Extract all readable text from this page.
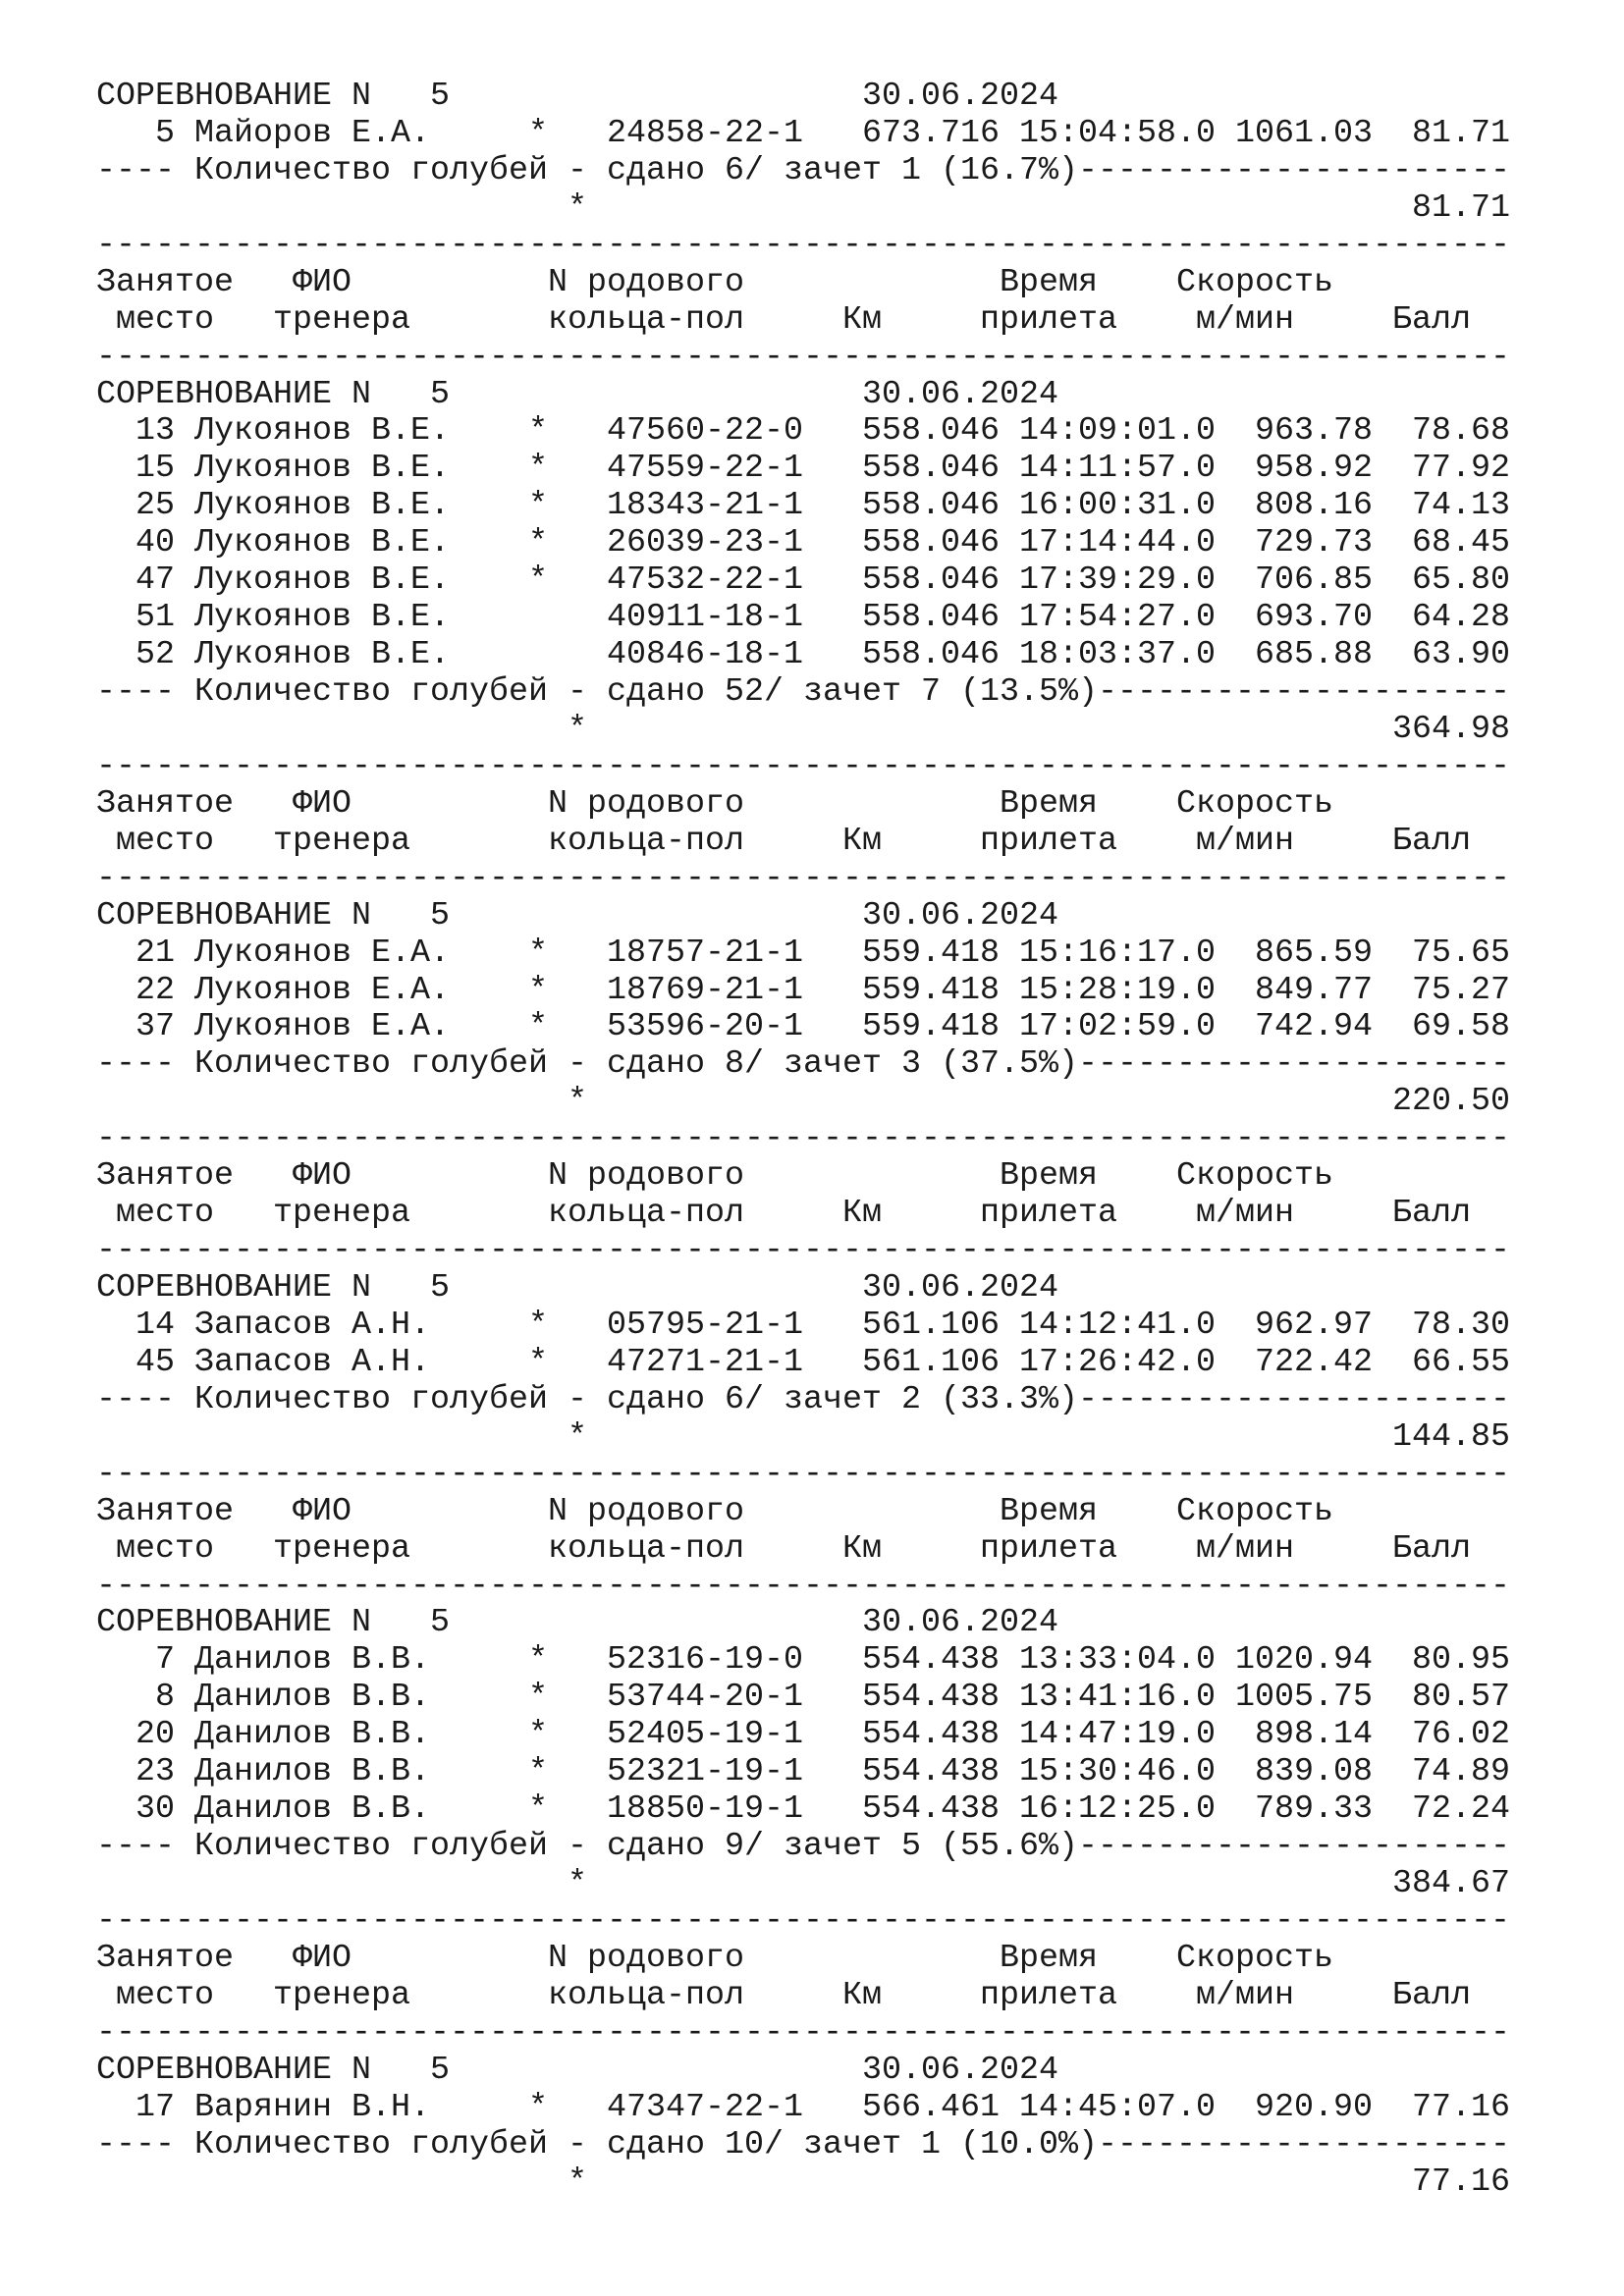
СОРЕВНОВАНИЕ N   5                     30.06.2024
5 Майоров Е.А.     *   24858-22-1   673.716 15:04:58.0 1061.03  81.71
---- Количество голубей - сдано 6/ зачет 1 (16.7%)----------------------
*                                          81.71
------------------------------------------------------------------------
Занятое   ФИО          N родового             Время    Скорость
место   тренера       кольца-пол     Км     прилета    м/мин     Балл
------------------------------------------------------------------------
СОРЕВНОВАНИЕ N   5                     30.06.2024
13 Лукоянов В.Е.    *   47560-22-0   558.046 14:09:01.0  963.78  78.68
15 Лукоянов В.Е.    *   47559-22-1   558.046 14:11:57.0  958.92  77.92
25 Лукоянов В.Е.    *   18343-21-1   558.046 16:00:31.0  808.16  74.13
40 Лукоянов В.Е.    *   26039-23-1   558.046 17:14:44.0  729.73  68.45
47 Лукоянов В.Е.    *   47532-22-1   558.046 17:39:29.0  706.85  65.80
51 Лукоянов В.Е.        40911-18-1   558.046 17:54:27.0  693.70  64.28
52 Лукоянов В.Е.        40846-18-1   558.046 18:03:37.0  685.88  63.90
---- Количество голубей - сдано 52/ зачет 7 (13.5%)---------------------
*                                         364.98
------------------------------------------------------------------------
Занятое   ФИО          N родового             Время    Скорость
место   тренера       кольца-пол     Км     прилета    м/мин     Балл
------------------------------------------------------------------------
СОРЕВНОВАНИЕ N   5                     30.06.2024
21 Лукоянов Е.А.    *   18757-21-1   559.418 15:16:17.0  865.59  75.65
22 Лукоянов Е.А.    *   18769-21-1   559.418 15:28:19.0  849.77  75.27
37 Лукоянов Е.А.    *   53596-20-1   559.418 17:02:59.0  742.94  69.58
---- Количество голубей - сдано 8/ зачет 3 (37.5%)----------------------
*                                         220.50
------------------------------------------------------------------------
Занятое   ФИО          N родового             Время    Скорость
место   тренера       кольца-пол     Км     прилета    м/мин     Балл
------------------------------------------------------------------------
СОРЕВНОВАНИЕ N   5                     30.06.2024
14 Запасов А.Н.     *   05795-21-1   561.106 14:12:41.0  962.97  78.30
45 Запасов А.Н.     *   47271-21-1   561.106 17:26:42.0  722.42  66.55
---- Количество голубей - сдано 6/ зачет 2 (33.3%)----------------------
*                                         144.85
------------------------------------------------------------------------
Занятое   ФИО          N родового             Время    Скорость
место   тренера       кольца-пол     Км     прилета    м/мин     Балл
------------------------------------------------------------------------
СОРЕВНОВАНИЕ N   5                     30.06.2024
7 Данилов В.В.     *   52316-19-0   554.438 13:33:04.0 1020.94  80.95
8 Данилов В.В.     *   53744-20-1   554.438 13:41:16.0 1005.75  80.57
20 Данилов В.В.     *   52405-19-1   554.438 14:47:19.0  898.14  76.02
23 Данилов В.В.     *   52321-19-1   554.438 15:30:46.0  839.08  74.89
30 Данилов В.В.     *   18850-19-1   554.438 16:12:25.0  789.33  72.24
---- Количество голубей - сдано 9/ зачет 5 (55.6%)----------------------
*                                         384.67
------------------------------------------------------------------------
Занятое   ФИО          N родового             Время    Скорость
место   тренера       кольца-пол     Км     прилета    м/мин     Балл
------------------------------------------------------------------------
СОРЕВНОВАНИЕ N   5                     30.06.2024
17 Варянин В.Н.     *   47347-22-1   566.461 14:45:07.0  920.90  77.16
---- Количество голубей - сдано 10/ зачет 1 (10.0%)---------------------
*                                          77.16
